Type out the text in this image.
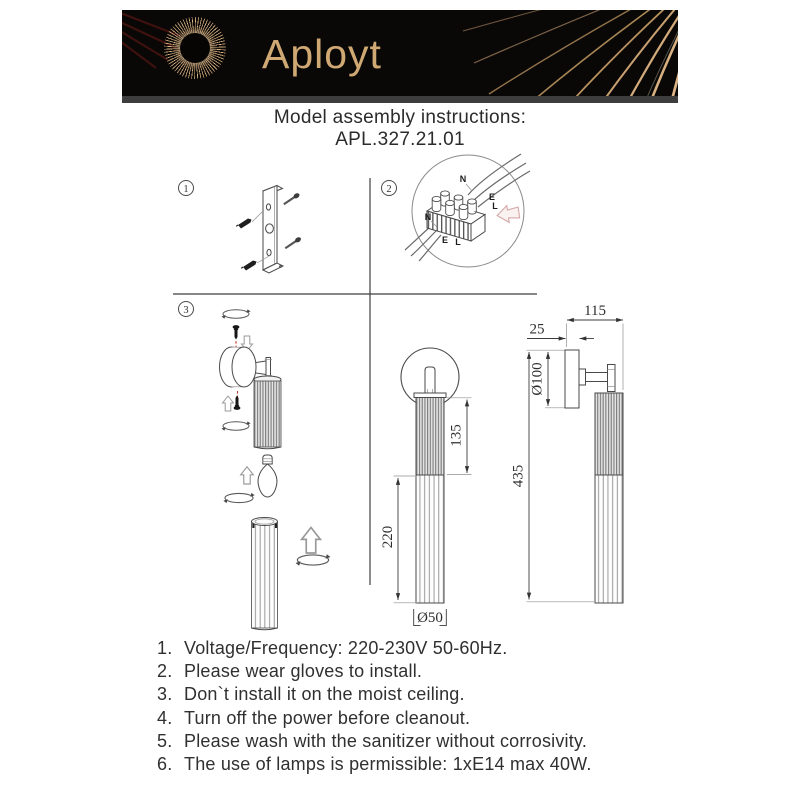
Aployt
Model assembly instructions:
APL.327.21.01
1	2
N
E
L
N
E L
3
135
220
Ø50
115
25
Ø100
435
1. Voltage/Frequency: 220-230V 50-60Hz.
2. Please wear gloves to install.
3. Don`t install it on the moist ceiling.
4. Turn off the power before cleanout.
5. Please wash with the sanitizer without corrosivity.
6. The use of lamps is permissible: 1xE14 max 40W.
